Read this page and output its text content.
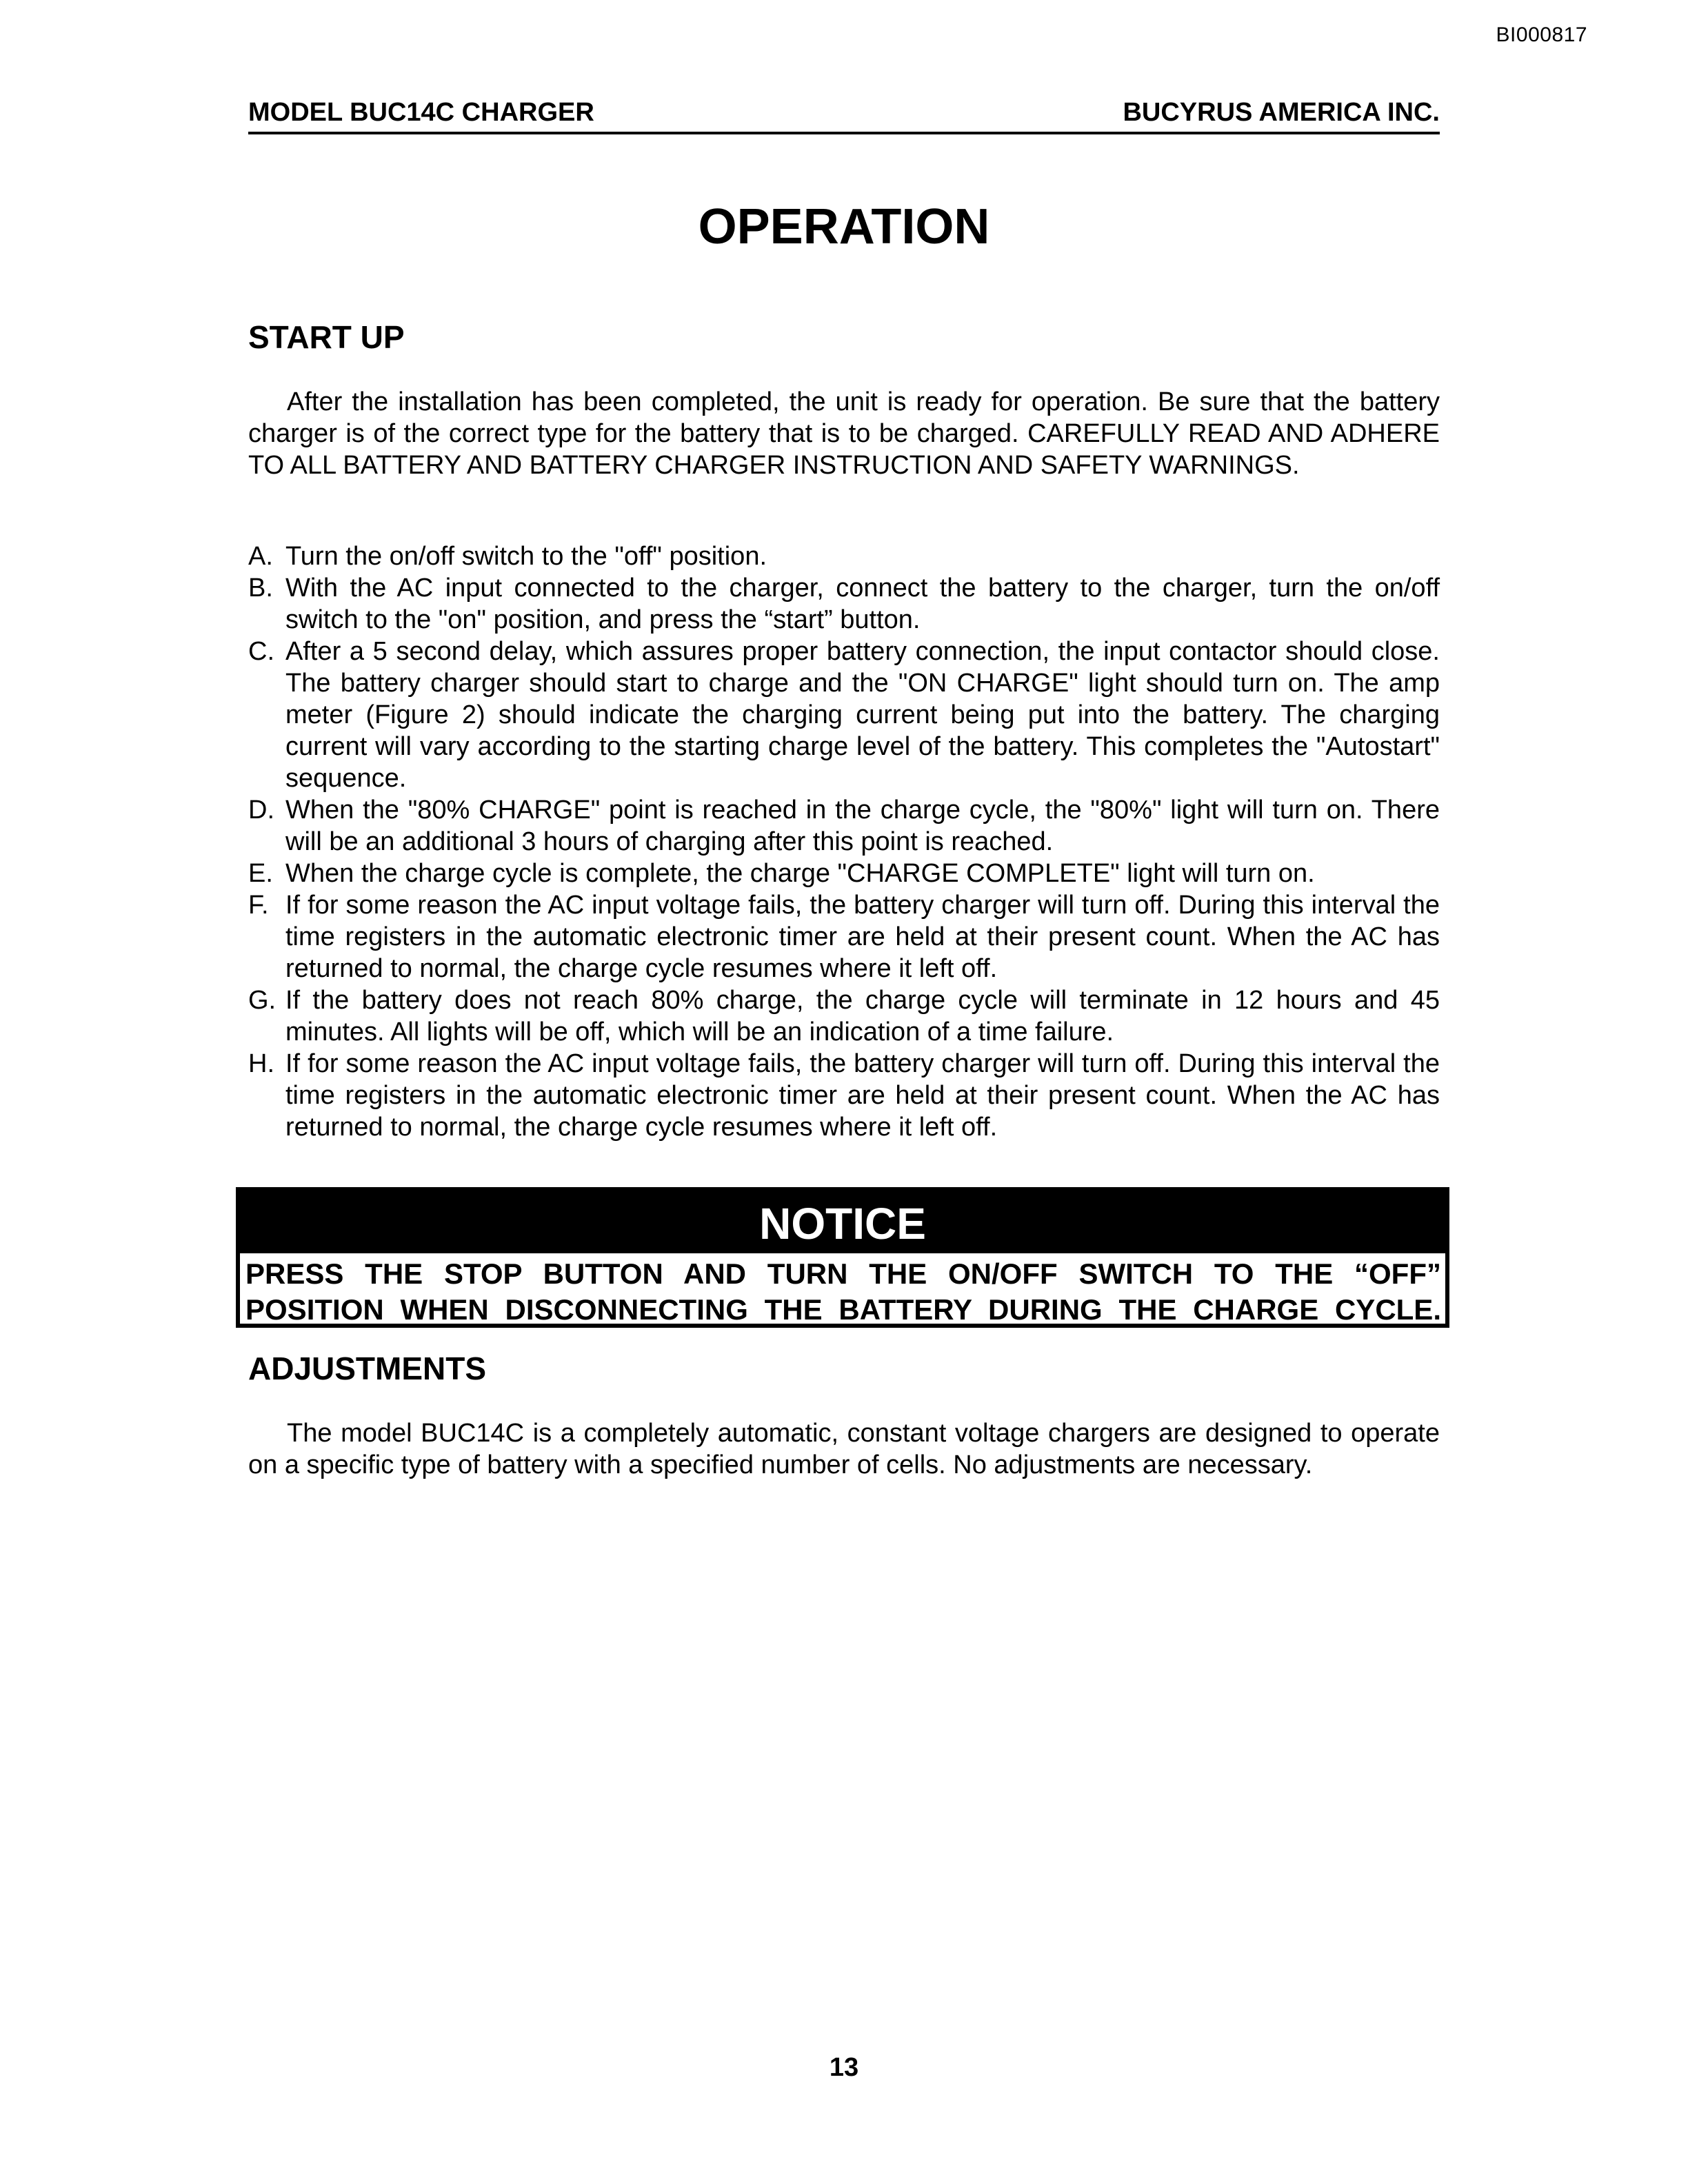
BI000817
MODEL BUC14C CHARGER	BUCYRUS AMERICA INC.
OPERATION
START UP
After the installation has been completed, the unit is ready for operation. Be sure that the battery charger is of the correct type for the battery that is to be charged. CAREFULLY READ AND ADHERE TO ALL BATTERY AND BATTERY CHARGER INSTRUCTION AND SAFETY WARNINGS.
A. Turn the on/off switch to the "off" position.
B. With the AC input connected to the charger, connect the battery to the charger, turn the on/off switch to the "on" position, and press the “start” button.
C. After a 5 second delay, which assures proper battery connection, the input contactor should close. The battery charger should start to charge and the "ON CHARGE" light should turn on. The amp meter (Figure 2) should indicate the charging current being put into the battery. The charging current will vary according to the starting charge level of the battery. This completes the "Autostart" sequence.
D. When the "80% CHARGE" point is reached in the charge cycle, the "80%" light will turn on. There will be an additional 3 hours of charging after this point is reached.
E. When the charge cycle is complete, the charge "CHARGE COMPLETE" light will turn on.
F. If for some reason the AC input voltage fails, the battery charger will turn off. During this interval the time registers in the automatic electronic timer are held at their present count. When the AC has returned to normal, the charge cycle resumes where it left off.
G. If the battery does not reach 80% charge, the charge cycle will terminate in 12 hours and 45 minutes. All lights will be off, which will be an indication of a time failure.
H. If for some reason the AC input voltage fails, the battery charger will turn off. During this interval the time registers in the automatic electronic timer are held at their present count. When the AC has returned to normal, the charge cycle resumes where it left off.
NOTICE
PRESS THE STOP BUTTON AND TURN THE ON/OFF SWITCH TO THE “OFF” POSITION WHEN DISCONNECTING THE BATTERY DURING THE CHARGE CYCLE.
ADJUSTMENTS
The model BUC14C is a completely automatic, constant voltage chargers are designed to operate on a specific type of battery with a specified number of cells. No adjustments are necessary.
13
